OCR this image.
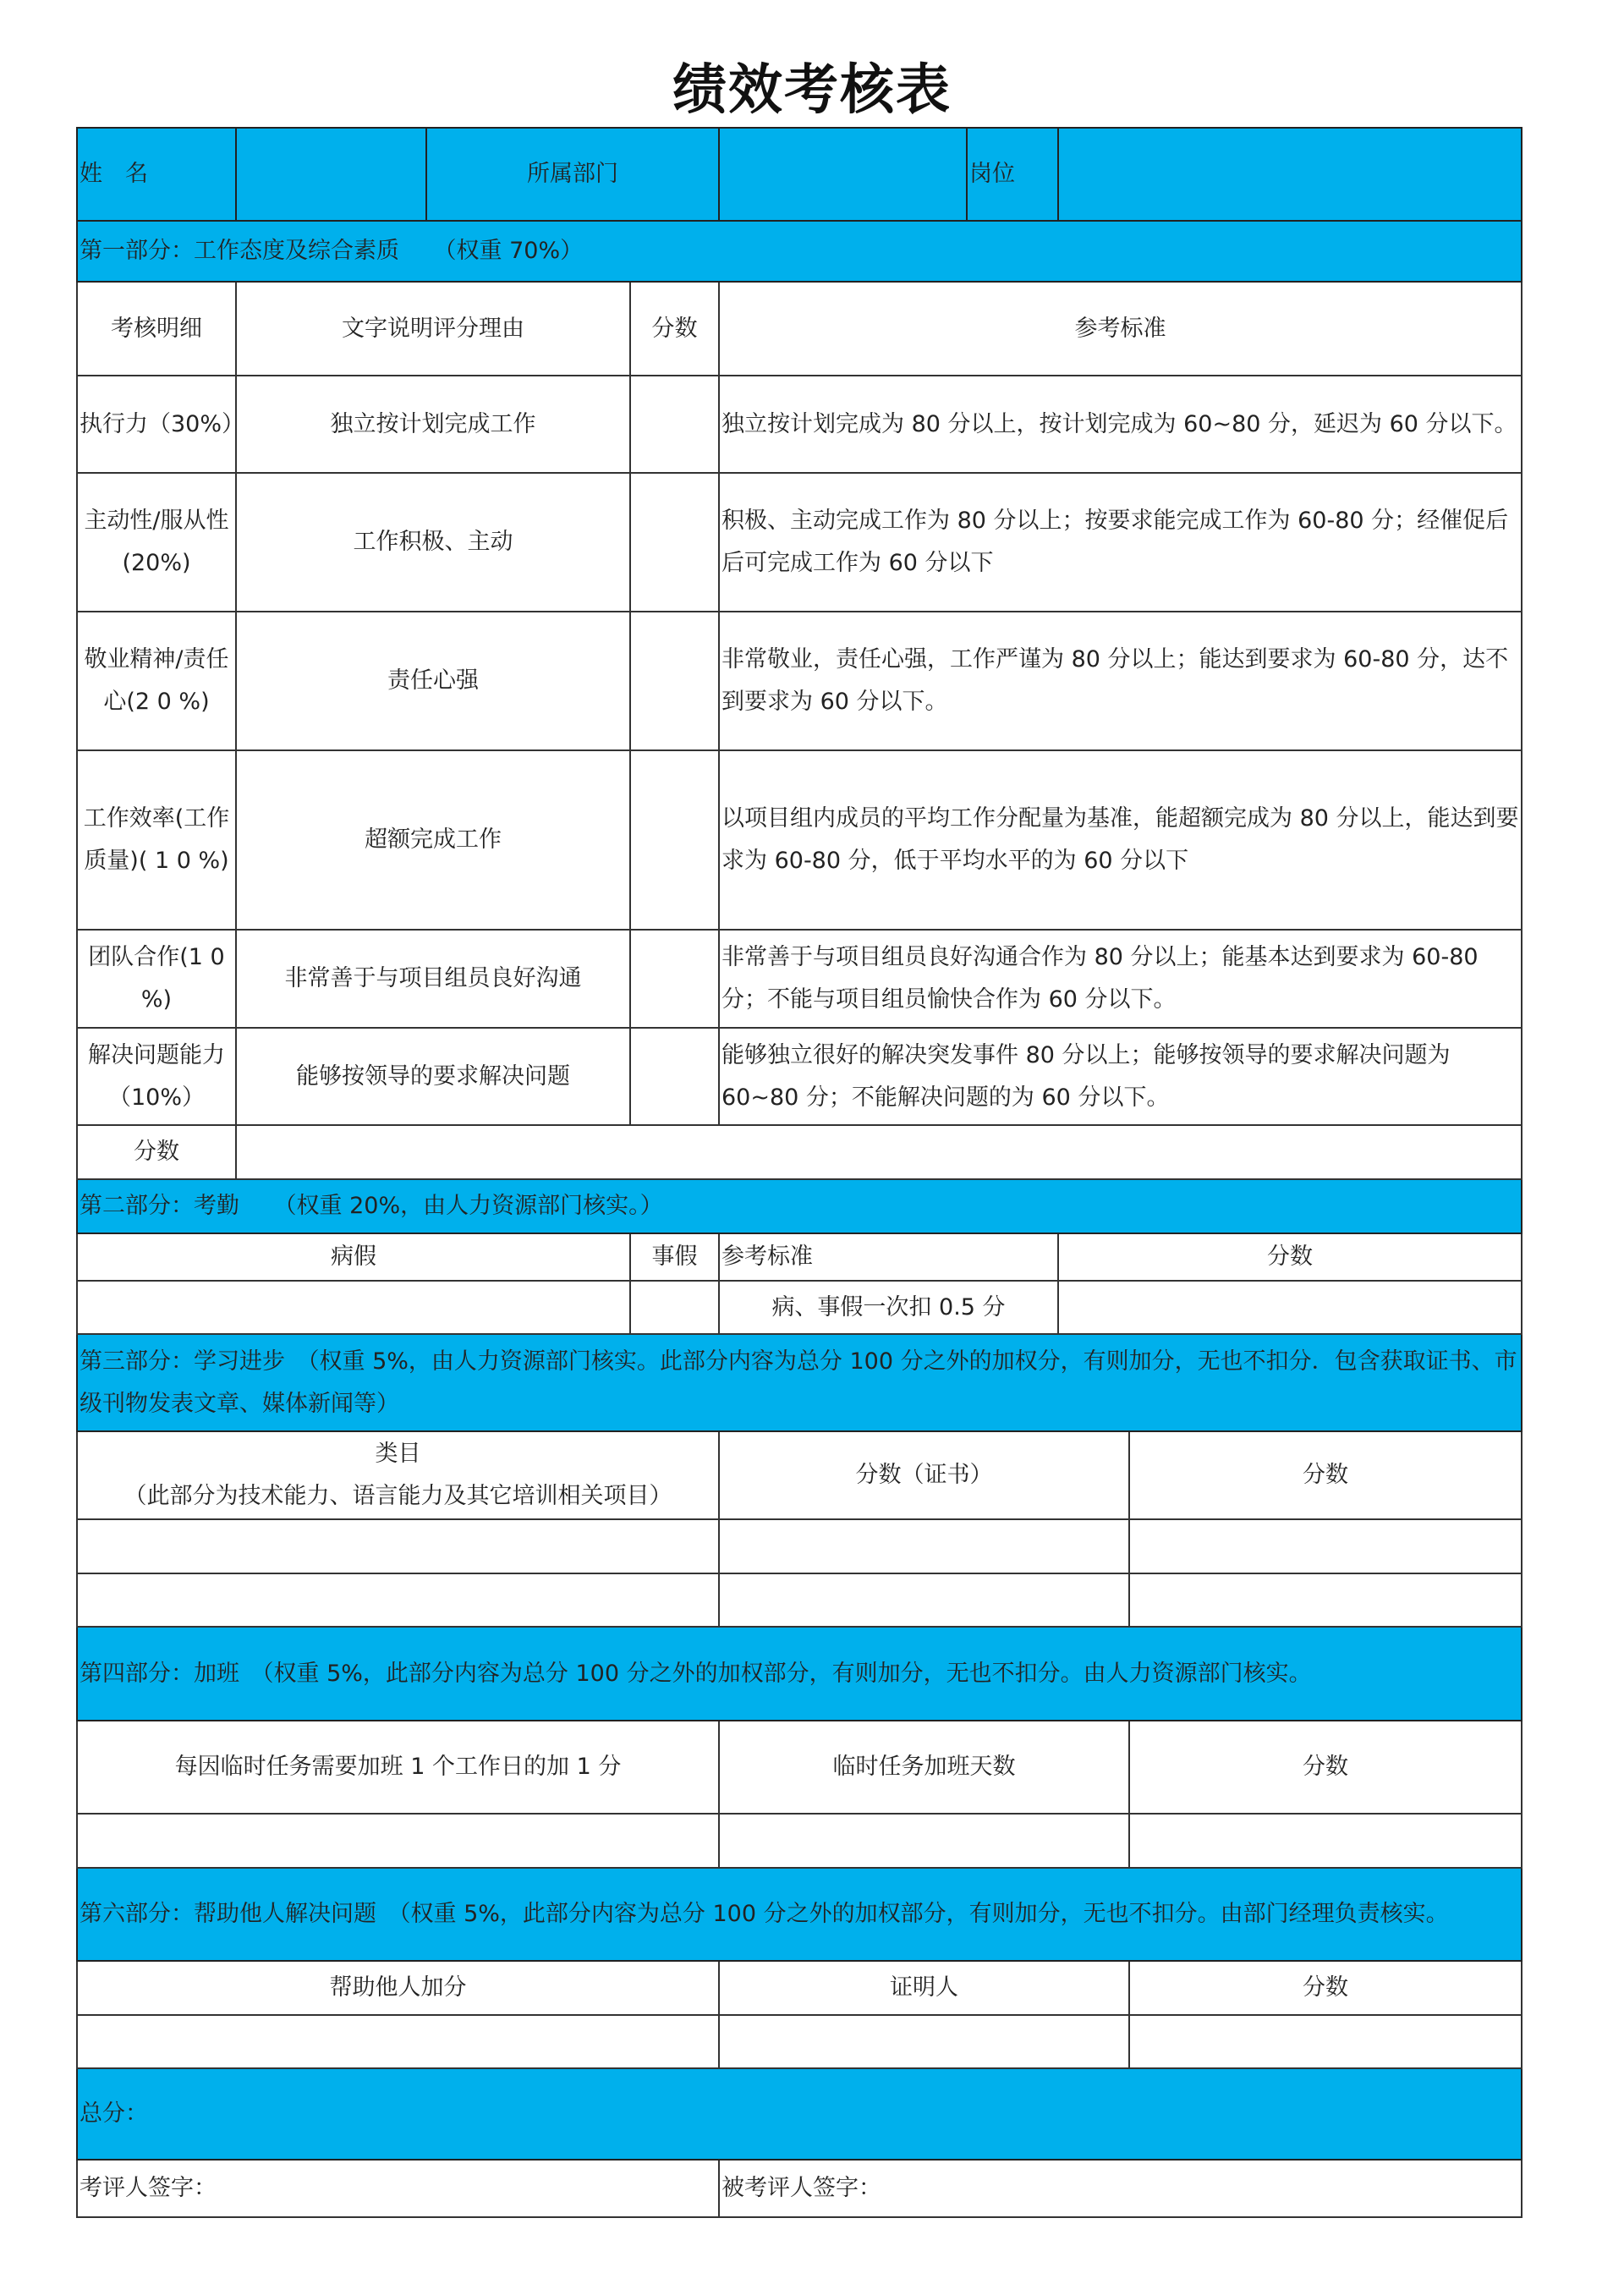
绩效考核表
姓　名		所属部门			岗位		
第一部分：工作态度及综合素质　　（权重 70%）							
考核明细	文字说明评分理由		分数	参考标准			
执行力（30%）	独立按计划完成工作			独立按计划完成为 80 分以上，按计划完成为 60~80 分，延迟为 60 分以下。			
主动性/服从性(20%)	工作积极、主动			积极、主动完成工作为 80 分以上；按要求能完成工作为 60-80 分；经催促后后可完成工作为 60 分以下			
敬业精神/责任心(2 0 %)	责任心强			非常敬业，责任心强，工作严谨为 80 分以上；能达到要求为 60-80 分，达不到要求为 60 分以下。			
工作效率(工作质量)( 1 0 %)	超额完成工作			以项目组内成员的平均工作分配量为基准，能超额完成为 80 分以上，能达到要求为 60-80 分，低于平均水平的为 60 分以下			
团队合作(1 0 %)	非常善于与项目组员良好沟通			非常善于与项目组员良好沟通合作为 80 分以上；能基本达到要求为 60-80 分；不能与项目组员愉快合作为 60 分以下。			
解决问题能力（10%）	能够按领导的要求解决问题			能够独立很好的解决突发事件 80 分以上；能够按领导的要求解决问题为 60~80 分；不能解决问题的为 60 分以下。			
分数							
第二部分：考勤　　（权重 20%，由人力资源部门核实。）							
病假			事假	参考标准		分数	
				病、事假一次扣 0.5 分			
第三部分：学习进步　（权重 5%，由人力资源部门核实。此部分内容为总分 100 分之外的加权分，有则加分，无也不扣分．包含获取证书、市级刊物发表文章、媒体新闻等）							
类目
（此部分为技术能力、语言能力及其它培训相关项目）				分数（证书）			分数

第四部分：加班　（权重 5%，此部分内容为总分 100 分之外的加权部分，有则加分，无也不扣分。由人力资源部门核实。							
每因临时任务需要加班 1 个工作日的加 1 分				临时任务加班天数			分数

第六部分：帮助他人解决问题　（权重 5%，此部分内容为总分 100 分之外的加权部分，有则加分，无也不扣分。由部门经理负责核实。							
帮助他人加分				证明人			分数

总分：							
考评人签字：				被考评人签字：			
